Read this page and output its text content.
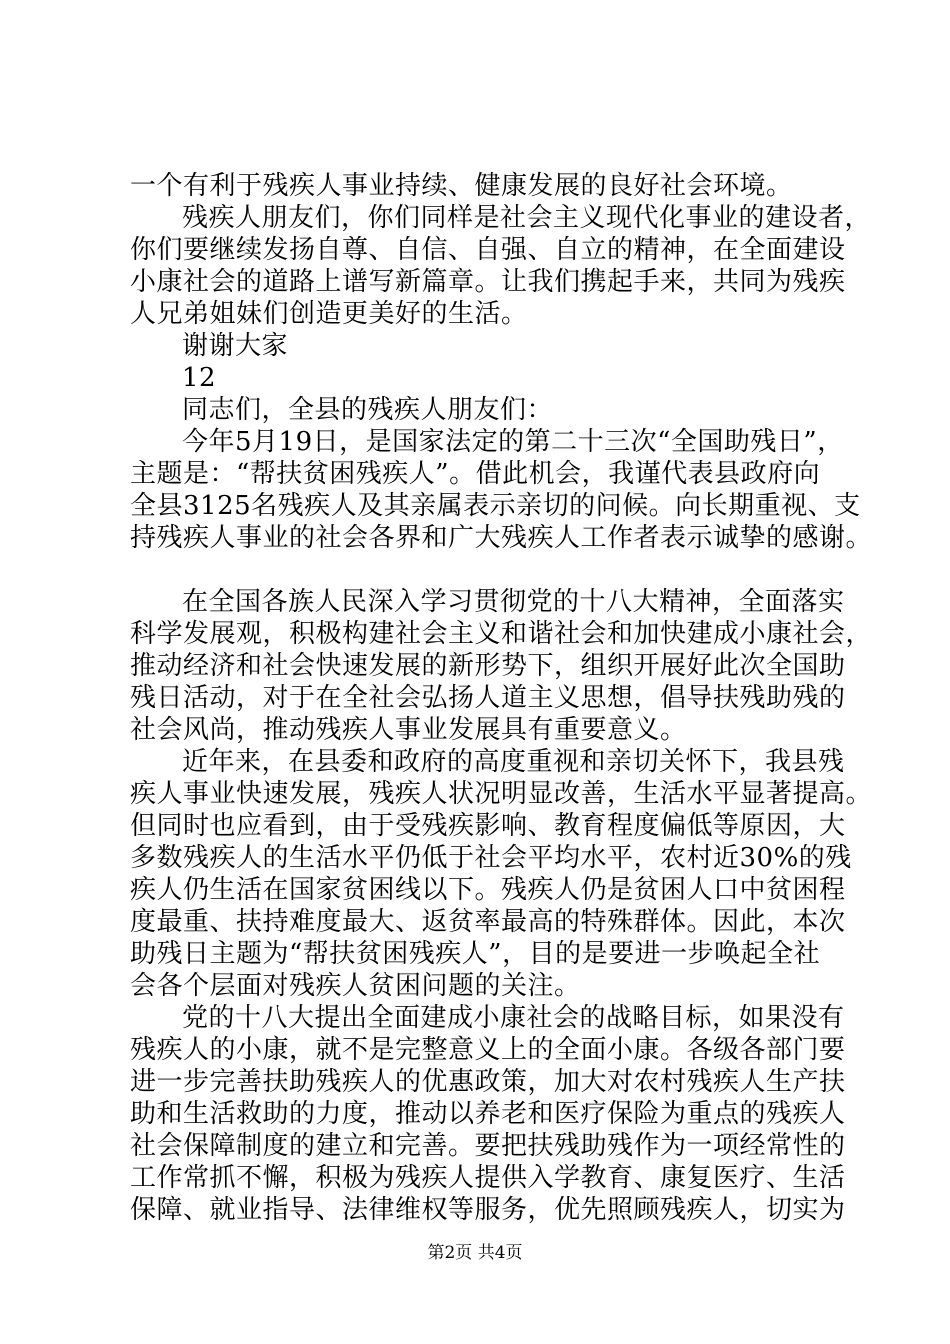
一个有利于残疾人事业持续、健康发展的良好社会环境。
残疾人朋友们，你们同样是社会主义现代化事业的建设者，
你们要继续发扬自尊、自信、自强、自立的精神，在全面建设
小康社会的道路上谱写新篇章。让我们携起手来，共同为残疾
人兄弟姐妹们创造更美好的生活。
谢谢大家
12
同志们，全县的残疾人朋友们：
今年5月19日，是国家法定的第二十三次“全国助残日”，
主题是：“帮扶贫困残疾人”。借此机会，我谨代表县政府向
全县3125名残疾人及其亲属表示亲切的问候。向长期重视、支
持残疾人事业的社会各界和广大残疾人工作者表示诚挚的感谢。
在全国各族人民深入学习贯彻党的十八大精神，全面落实
科学发展观，积极构建社会主义和谐社会和加快建成小康社会，
推动经济和社会快速发展的新形势下，组织开展好此次全国助
残日活动，对于在全社会弘扬人道主义思想，倡导扶残助残的
社会风尚，推动残疾人事业发展具有重要意义。
近年来，在县委和政府的高度重视和亲切关怀下，我县残
疾人事业快速发展，残疾人状况明显改善，生活水平显著提高。
但同时也应看到，由于受残疾影响、教育程度偏低等原因，大
多数残疾人的生活水平仍低于社会平均水平，农村近30%的残
疾人仍生活在国家贫困线以下。残疾人仍是贫困人口中贫困程
度最重、扶持难度最大、返贫率最高的特殊群体。因此，本次
助残日主题为“帮扶贫困残疾人”，目的是要进一步唤起全社
会各个层面对残疾人贫困问题的关注。
党的十八大提出全面建成小康社会的战略目标，如果没有
残疾人的小康，就不是完整意义上的全面小康。各级各部门要
进一步完善扶助残疾人的优惠政策，加大对农村残疾人生产扶
助和生活救助的力度，推动以养老和医疗保险为重点的残疾人
社会保障制度的建立和完善。要把扶残助残作为一项经常性的
工作常抓不懈，积极为残疾人提供入学教育、康复医疗、生活
保障、就业指导、法律维权等服务，优先照顾残疾人，切实为
第2页 共4页
